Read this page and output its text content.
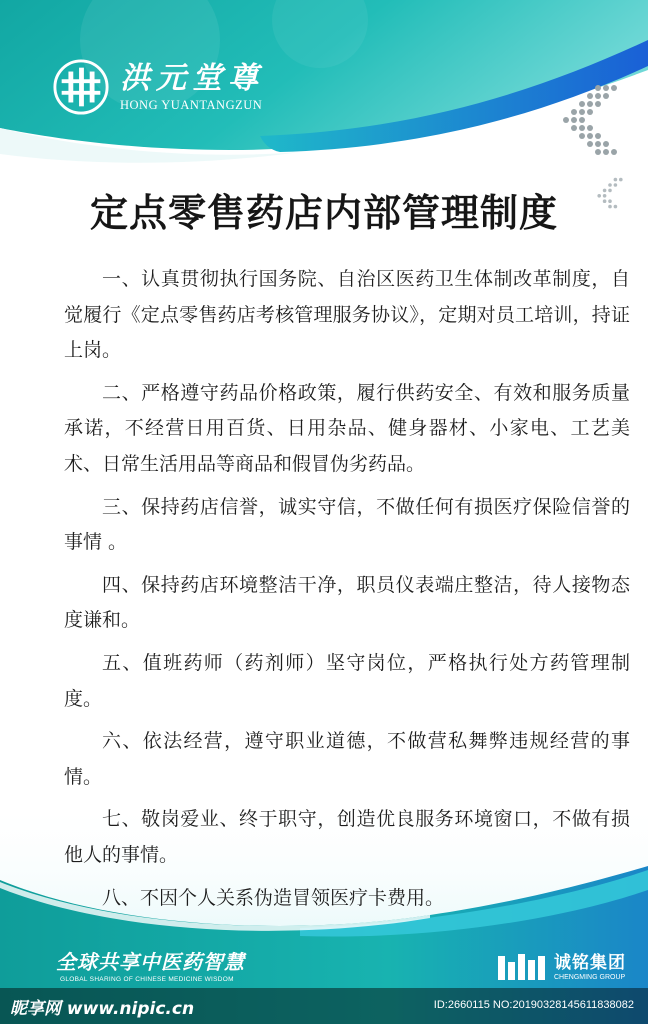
洪元堂尊
HONG YUANTANGZUN
定点零售药店内部管理制度

一、认真贯彻执行国务院、自治区医药卫生体制改革制度，自觉履行《定点零售药店考核管理服务协议》，定期对员工培训，持证上岗。

二、严格遵守药品价格政策，履行供药安全、有效和服务质量承诺，不经营日用百货、日用杂品、健身器材、小家电、工艺美术、日常生活用品等商品和假冒伪劣药品。

三、保持药店信誉，诚实守信，不做任何有损医疗保险信誉的事情 。

四、保持药店环境整洁干净，职员仪表端庄整洁，待人接物态度谦和。

五、值班药师（药剂师）坚守岗位，严格执行处方药管理制度。

六、依法经营，遵守职业道德，不做营私舞弊违规经营的事情。

七、敬岗爱业、终于职守，创造优良服务环境窗口，不做有损他人的事情。

八、不因个人关系伪造冒领医疗卡费用。

全球共享中医药智慧
GLOBAL SHARING OF CHINESE MEDICINE WISDOM
诚铭集团
CHENGMING GROUP
昵享网 www.nipic.cn	ID:2660115 NO:20190328145611838082
